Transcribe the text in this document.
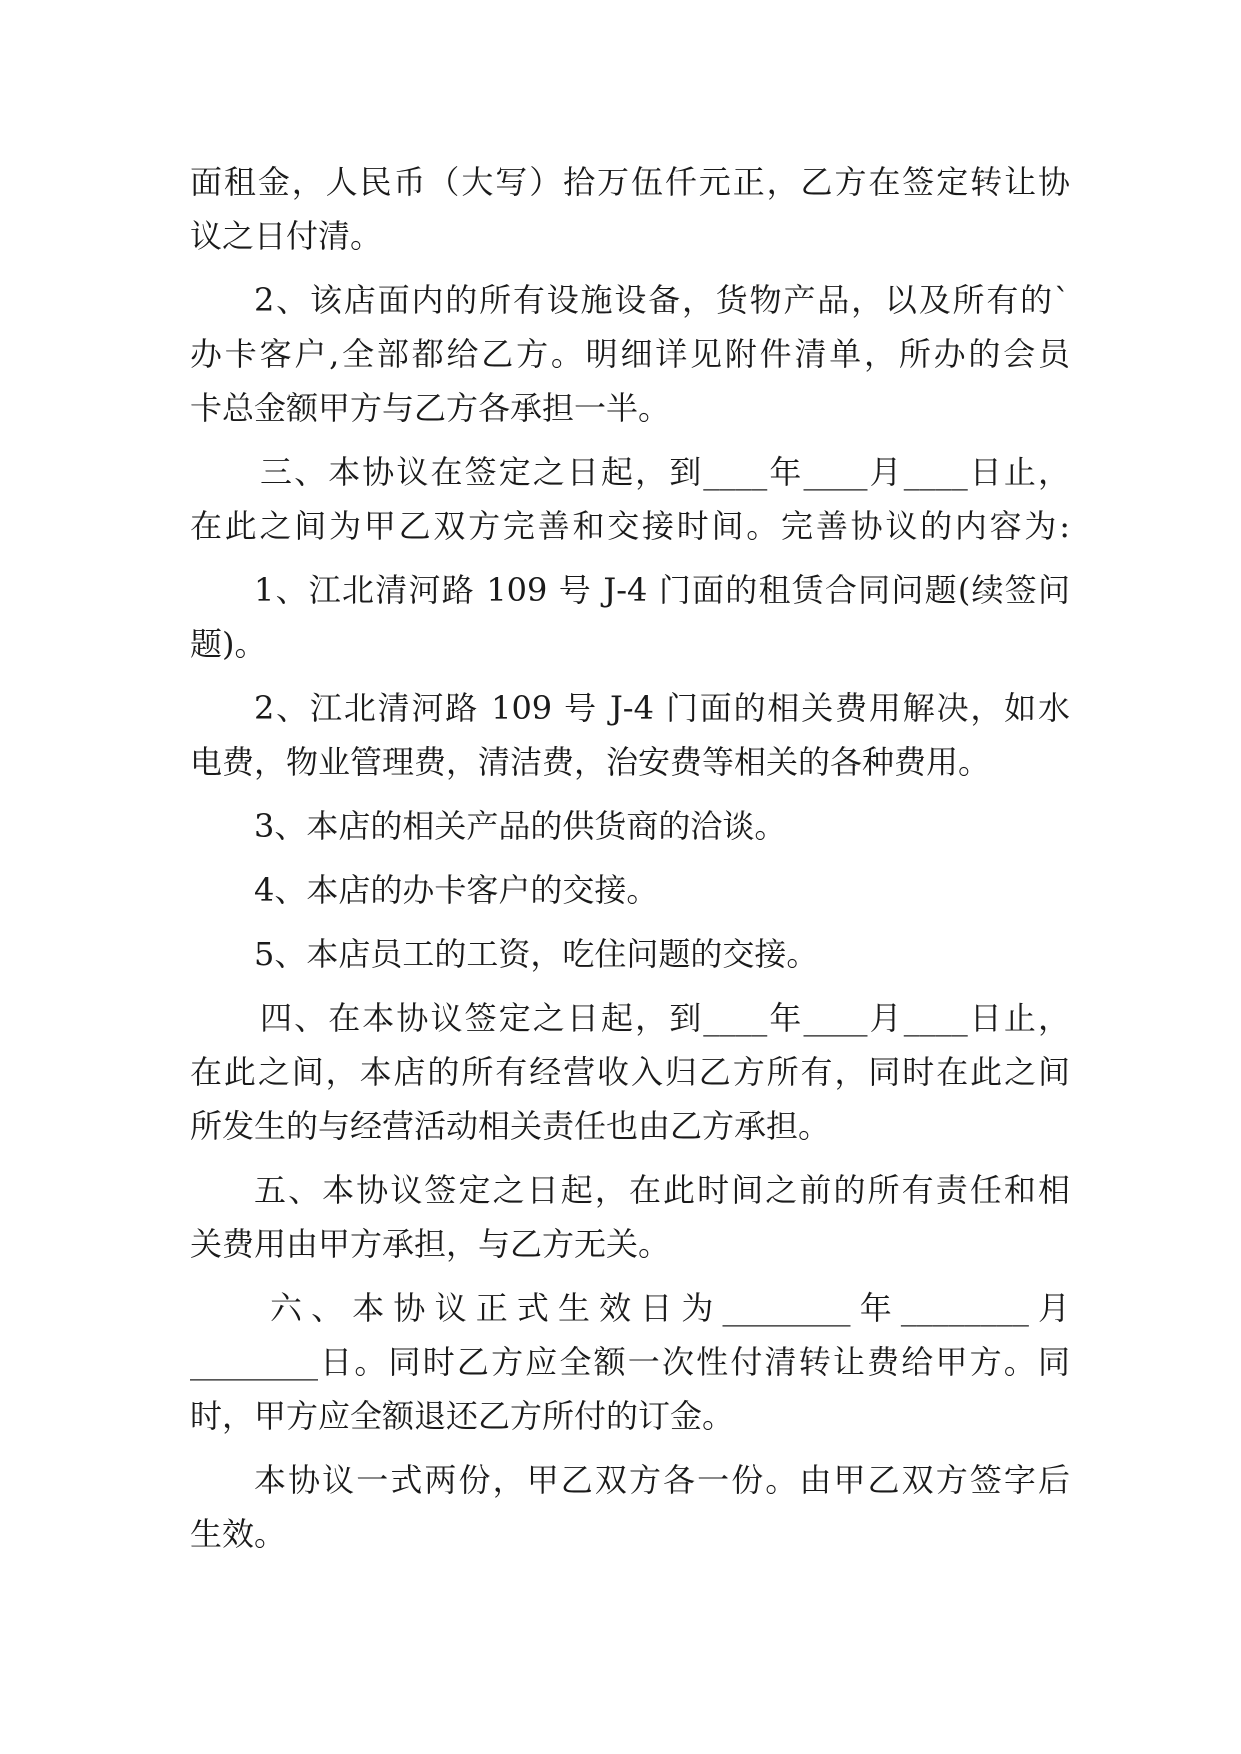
面租金，人民币（大写）拾万伍仟元正，乙方在签定转让协
议之日付清。
2、该店面内的所有设施设备，货物产品，以及所有的`
办卡客户,全部都给乙方。明细详见附件清单，所办的会员
卡总金额甲方与乙方各承担一半。
三、本协议在签定之日起，到____年____月____日止，
在此之间为甲乙双方完善和交接时间。完善协议的内容为:
1、江北清河路 109 号 J-4 门面的租赁合同问题(续签问
题)。
2、江北清河路 109 号 J-4 门面的相关费用解决，如水
电费，物业管理费，清洁费，治安费等相关的各种费用。
3、本店的相关产品的供货商的洽谈。
4、本店的办卡客户的交接。
5、本店员工的工资，吃住问题的交接。
四、在本协议签定之日起，到____年____月____日止，
在此之间，本店的所有经营收入归乙方所有，同时在此之间
所发生的与经营活动相关责任也由乙方承担。
五、本协议签定之日起，在此时间之前的所有责任和相
关费用由甲方承担，与乙方无关。
六、本协议正式生效日为________年________月
________日。同时乙方应全额一次性付清转让费给甲方。同
时，甲方应全额退还乙方所付的订金。
本协议一式两份，甲乙双方各一份。由甲乙双方签字后
生效。
